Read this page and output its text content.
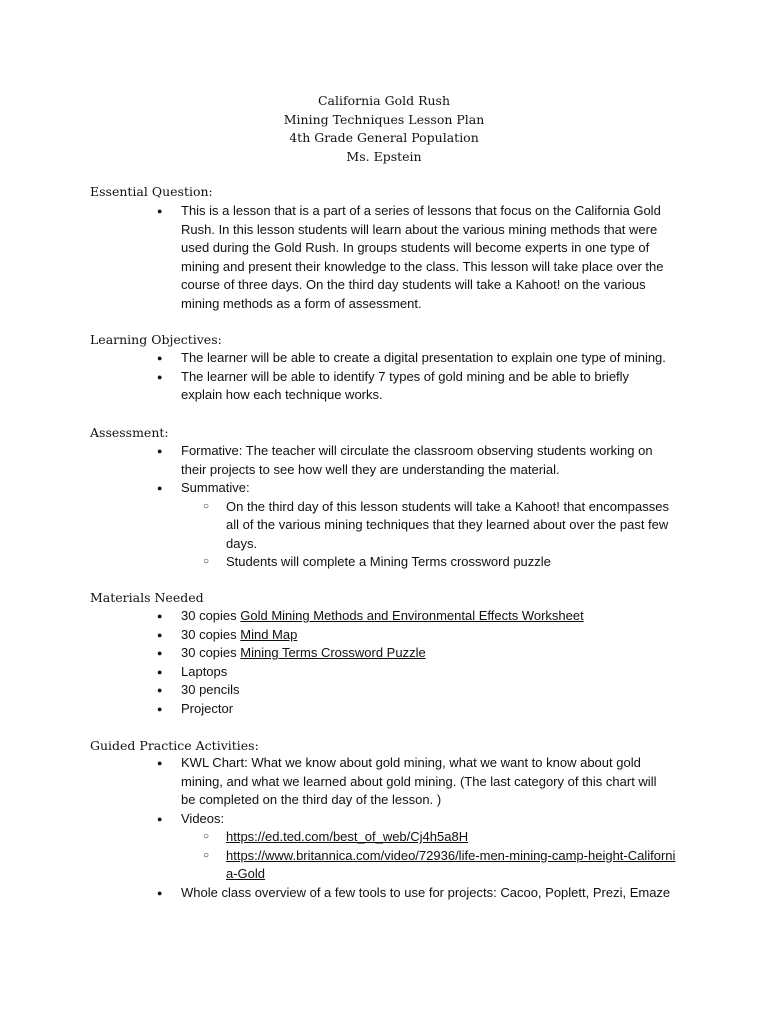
California Gold Rush
Mining Techniques Lesson Plan
4th Grade General Population
Ms. Epstein
Essential Question:
● This is a lesson that is a part of a series of lessons that focus on the California Gold Rush. In this lesson students will learn about the various mining methods that were used during the Gold Rush. In groups students will become experts in one type of mining and present their knowledge to the class. This lesson will take place over the course of three days. On the third day students will take a Kahoot! on the various mining methods as a form of assessment.
Learning Objectives:
● The learner will be able to create a digital presentation to explain one type of mining.
● The learner will be able to identify 7 types of gold mining and be able to briefly explain how each technique works.
Assessment:
● Formative: The teacher will circulate the classroom observing students working on their projects to see how well they are understanding the material.
● Summative:
○ On the third day of this lesson students will take a Kahoot! that encompasses all of the various mining techniques that they learned about over the past few days.
○ Students will complete a Mining Terms crossword puzzle
Materials Needed
● 30 copies Gold Mining Methods and Environmental Effects Worksheet
● 30 copies Mind Map
● 30 copies Mining Terms Crossword Puzzle
● Laptops
● 30 pencils
● Projector
Guided Practice Activities:
● KWL Chart: What we know about gold mining, what we want to know about gold mining, and what we learned about gold mining. (The last category of this chart will be completed on the third day of the lesson. )
● Videos:
○ https://ed.ted.com/best_of_web/Cj4h5a8H
○ https://www.britannica.com/video/72936/life-men-mining-camp-height-California-Gold
● Whole class overview of a few tools to use for projects: Cacoo, Poplett, Prezi, Emaze
